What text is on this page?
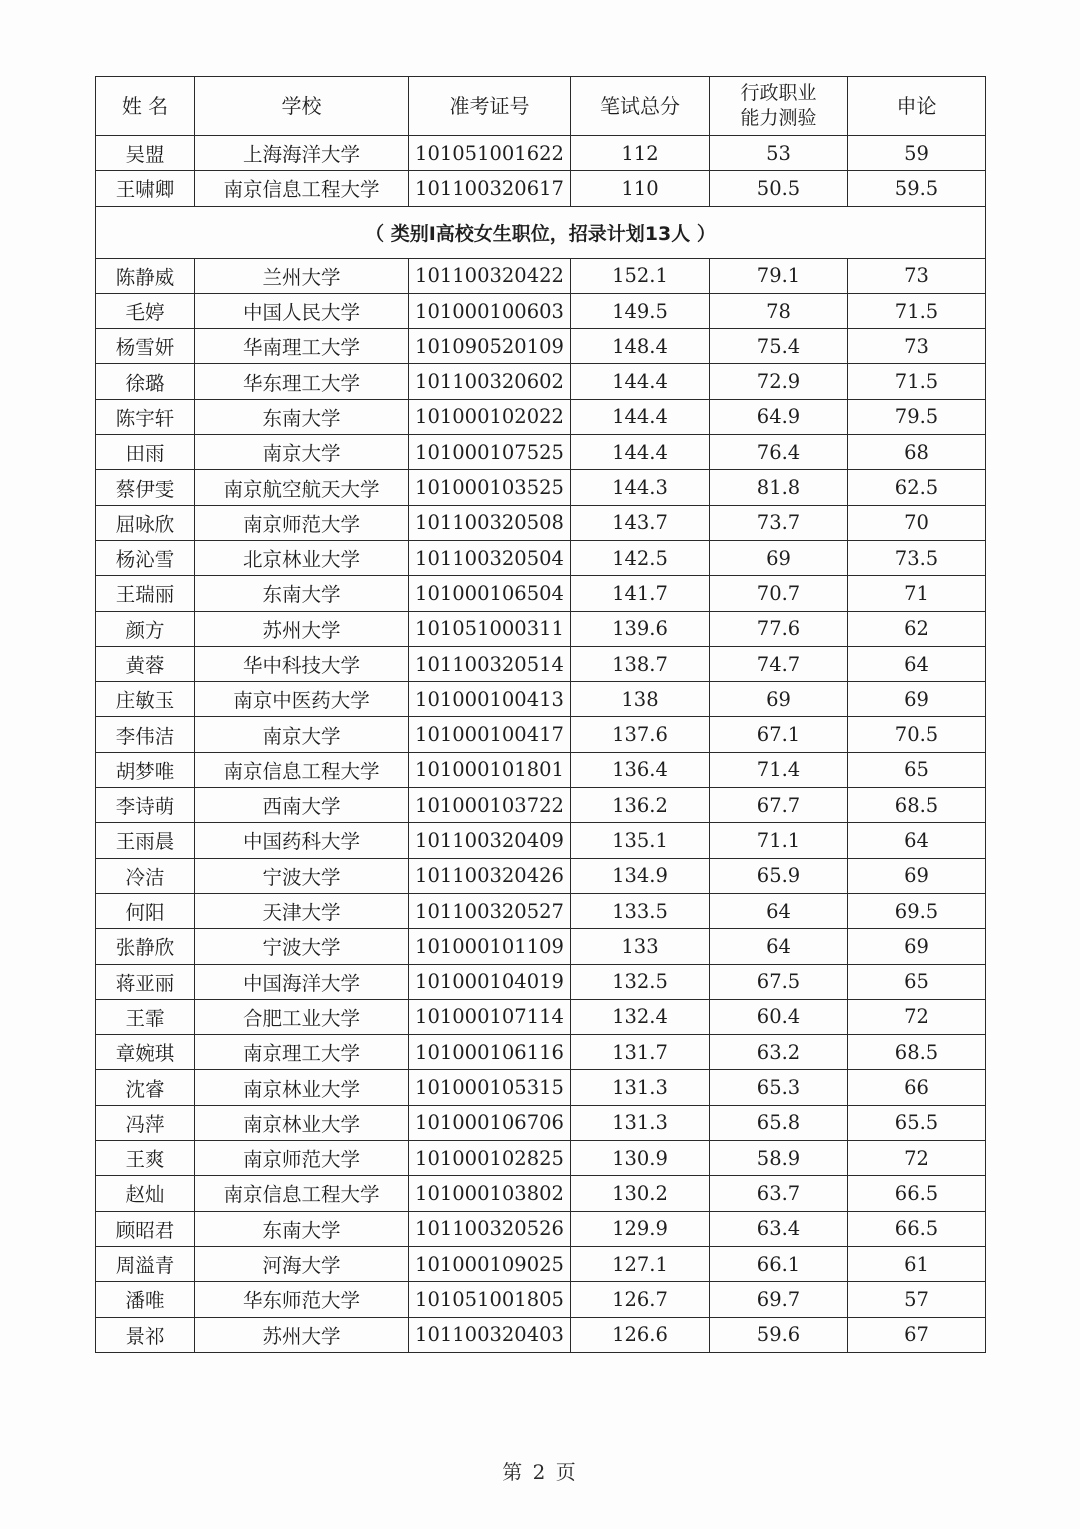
姓 名	学校	准考证号	笔试总分	行政职业能力测验	申论
吴盟	上海海洋大学	101051001622	112	53	59
王啸卿	南京信息工程大学	101100320617	110	50.5	59.5
（ 类别I高校女生职位，招录计划13人 ）					
陈静威	兰州大学	101100320422	152.1	79.1	73
毛婷	中国人民大学	101000100603	149.5	78	71.5
杨雪妍	华南理工大学	101090520109	148.4	75.4	73
徐璐	华东理工大学	101100320602	144.4	72.9	71.5
陈宇轩	东南大学	101000102022	144.4	64.9	79.5
田雨	南京大学	101000107525	144.4	76.4	68
蔡伊雯	南京航空航天大学	101000103525	144.3	81.8	62.5
屈咏欣	南京师范大学	101100320508	143.7	73.7	70
杨沁雪	北京林业大学	101100320504	142.5	69	73.5
王瑞丽	东南大学	101000106504	141.7	70.7	71
颜方	苏州大学	101051000311	139.6	77.6	62
黄蓉	华中科技大学	101100320514	138.7	74.7	64
庄敏玉	南京中医药大学	101000100413	138	69	69
李伟洁	南京大学	101000100417	137.6	67.1	70.5
胡梦唯	南京信息工程大学	101000101801	136.4	71.4	65
李诗萌	西南大学	101000103722	136.2	67.7	68.5
王雨晨	中国药科大学	101100320409	135.1	71.1	64
冷洁	宁波大学	101100320426	134.9	65.9	69
何阳	天津大学	101100320527	133.5	64	69.5
张静欣	宁波大学	101000101109	133	64	69
蒋亚丽	中国海洋大学	101000104019	132.5	67.5	65
王霏	合肥工业大学	101000107114	132.4	60.4	72
章婉琪	南京理工大学	101000106116	131.7	63.2	68.5
沈睿	南京林业大学	101000105315	131.3	65.3	66
冯萍	南京林业大学	101000106706	131.3	65.8	65.5
王爽	南京师范大学	101000102825	130.9	58.9	72
赵灿	南京信息工程大学	101000103802	130.2	63.7	66.5
顾昭君	东南大学	101100320526	129.9	63.4	66.5
周溢青	河海大学	101000109025	127.1	66.1	61
潘唯	华东师范大学	101051001805	126.7	69.7	57
景祁	苏州大学	101100320403	126.6	59.6	67
第 2 页
